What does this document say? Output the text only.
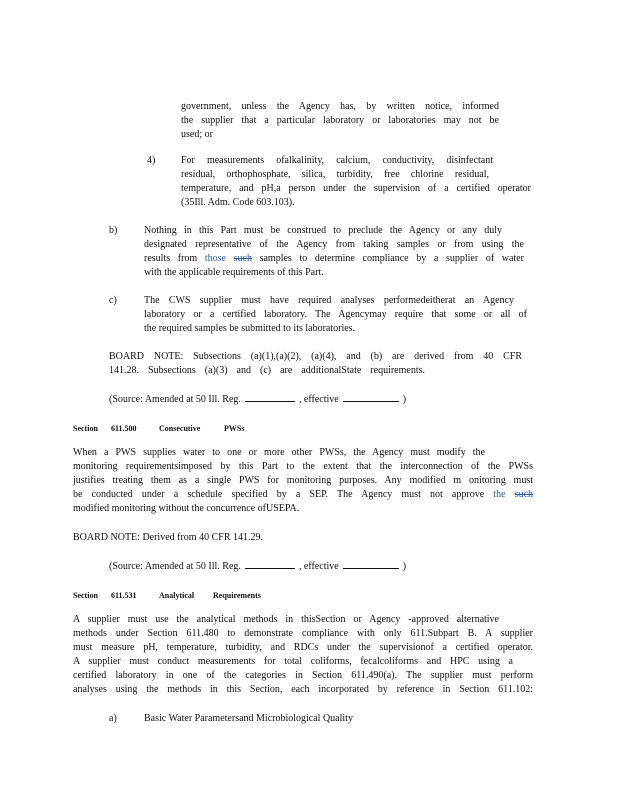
government, unless the Agency has, by written notice, informed
the supplier that a particular laboratory or laboratories may not be
used; or
4)	For measurements ofalkalinity, calcium, conductivity, disinfectant
residual, orthophosphate, silica, turbidity, free chlorine residual,
temperature, and pH,a person under the supervision of a certified operator
(35Ill. Adm. Code 603.103).
b)	Nothing in this Part must be construed to preclude the Agency or any duly
designated representative of the Agency from taking samples or from using the
results from those such samples to determine compliance by a supplier of water
with the applicable requirements of this Part.
c)	The CWS supplier must have required analyses performedeitherat an Agency
laboratory or a certified laboratory. The Agencymay require that some or all of
the required samples be submitted to its laboratories.
BOARD NOTE: Subsections (a)(1),(a)(2), (a)(4), and (b) are derived from 40 CFR
141.28. Subsections (a)(3) and (c) are additionalState requirements.
(Source: Amended at 50 Ill. Reg.	, effective	)
Section 611.500	Consecutive	PWSs
When a PWS supplies water to one or more other PWSs, the Agency must modify the
monitoring requirementsimposed by this Part to the extent that the interconnection of the PWSs
justifies treating them as a single PWS for monitoring purposes. Any modified m onitoring must
be conducted under a schedule specified by a SEP. The Agency must not approve the such
modified monitoring without the concurrence ofUSEPA.
BOARD NOTE: Derived from 40 CFR 141.29.
(Source: Amended at 50 Ill. Reg.	, effective	)
Section 611.531	Analytical Requirements
A supplier must use the analytical methods in thisSection or Agency -approved alternative
methods under Section 611.480 to demonstrate compliance with only 611.Subpart B. A supplier
must measure pH, temperature, turbidity, and RDCs under the supervisionof a certified operator.
A supplier must conduct measurements for total coliforms, fecalcoliforms and HPC using a
certified laboratory in one of the categories in Section 611.490(a). The supplier must perform
analyses using the methods in this Section, each incorporated by reference in Section 611.102:
a)	Basic Water Parametersand Microbiological Quality
